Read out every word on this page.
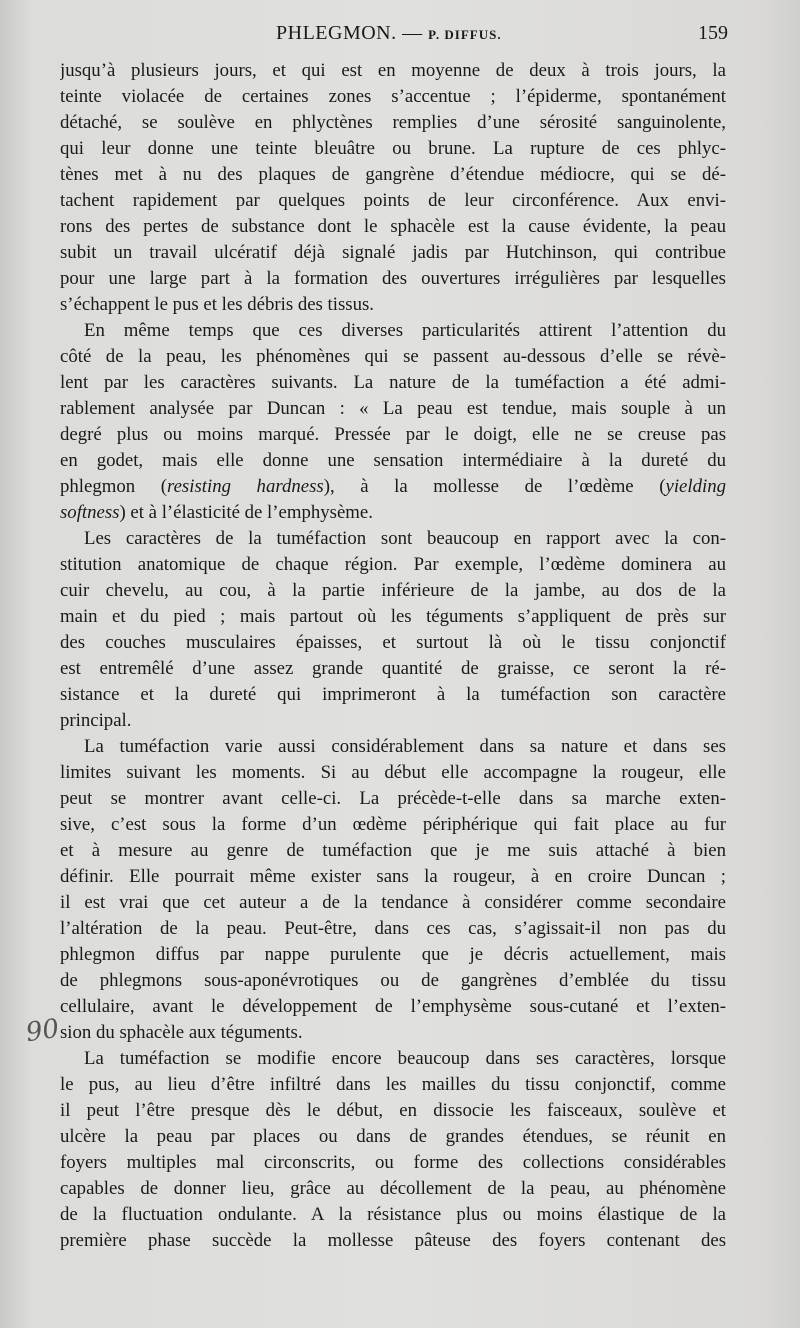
PHLEGMON. — P. DIFFUS.	159
90
jusqu’à plusieurs jours, et qui est en moyenne de deux à trois jours, la
teinte violacée de certaines zones s’accentue ; l’épiderme, spontanément
détaché, se soulève en phlyctènes remplies d’une sérosité sanguinolente,
qui leur donne une teinte bleuâtre ou brune. La rupture de ces phlyc-
tènes met à nu des plaques de gangrène d’étendue médiocre, qui se dé-
tachent rapidement par quelques points de leur circonférence. Aux envi-
rons des pertes de substance dont le sphacèle est la cause évidente, la peau
subit un travail ulcératif déjà signalé jadis par Hutchinson, qui contribue
pour une large part à la formation des ouvertures irrégulières par lesquelles
s’échappent le pus et les débris des tissus.
En même temps que ces diverses particularités attirent l’attention du
côté de la peau, les phénomènes qui se passent au-dessous d’elle se révè-
lent par les caractères suivants. La nature de la tuméfaction a été admi-
rablement analysée par Duncan : « La peau est tendue, mais souple à un
degré plus ou moins marqué. Pressée par le doigt, elle ne se creuse pas
en godet, mais elle donne une sensation intermédiaire à la dureté du
phlegmon (resisting hardness), à la mollesse de l’œdème (yielding
softness) et à l’élasticité de l’emphysème.
Les caractères de la tuméfaction sont beaucoup en rapport avec la con-
stitution anatomique de chaque région. Par exemple, l’œdème dominera au
cuir chevelu, au cou, à la partie inférieure de la jambe, au dos de la
main et du pied ; mais partout où les téguments s’appliquent de près sur
des couches musculaires épaisses, et surtout là où le tissu conjonctif
est entremêlé d’une assez grande quantité de graisse, ce seront la ré-
sistance et la dureté qui imprimeront à la tuméfaction son caractère
principal.
La tuméfaction varie aussi considérablement dans sa nature et dans ses
limites suivant les moments. Si au début elle accompagne la rougeur, elle
peut se montrer avant celle-ci. La précède-t-elle dans sa marche exten-
sive, c’est sous la forme d’un œdème périphérique qui fait place au fur
et à mesure au genre de tuméfaction que je me suis attaché à bien
définir. Elle pourrait même exister sans la rougeur, à en croire Duncan ;
il est vrai que cet auteur a de la tendance à considérer comme secondaire
l’altération de la peau. Peut-être, dans ces cas, s’agissait-il non pas du
phlegmon diffus par nappe purulente que je décris actuellement, mais
de phlegmons sous-aponévrotiques ou de gangrènes d’emblée du tissu
cellulaire, avant le développement de l’emphysème sous-cutané et l’exten-
sion du sphacèle aux téguments.
La tuméfaction se modifie encore beaucoup dans ses caractères, lorsque
le pus, au lieu d’être infiltré dans les mailles du tissu conjonctif, comme
il peut l’être presque dès le début, en dissocie les faisceaux, soulève et
ulcère la peau par places ou dans de grandes étendues, se réunit en
foyers multiples mal circonscrits, ou forme des collections considérables
capables de donner lieu, grâce au décollement de la peau, au phénomène
de la fluctuation ondulante. A la résistance plus ou moins élastique de la
première phase succède la mollesse pâteuse des foyers contenant des
